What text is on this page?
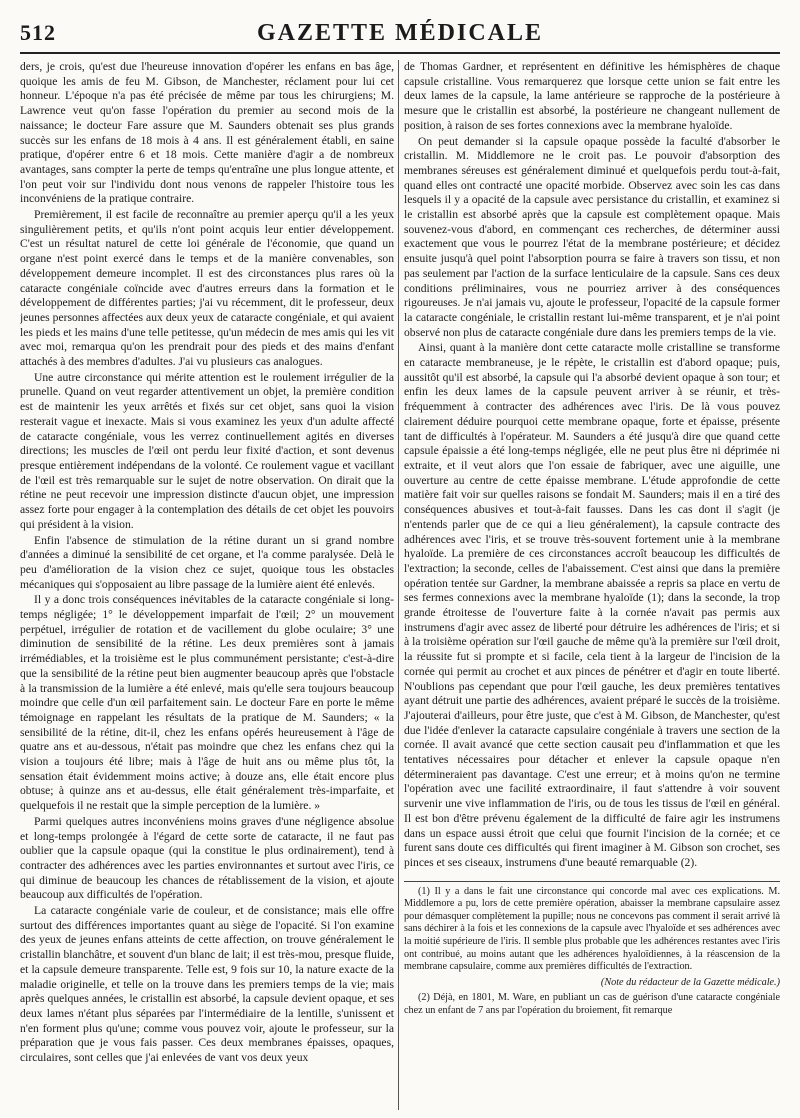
512	GAZETTE MÉDICALE

ders, je crois, qu'est due l'heureuse innovation d'opérer les enfans en bas âge, quoique les amis de feu M. Gibson, de Manchester, réclament pour lui cet honneur. L'époque n'a pas été précisée de même par tous les chirurgiens; M. Lawrence veut qu'on fasse l'opération du premier au second mois de la naissance; le docteur Fare assure que M. Saunders obtenait ses plus grands succès sur les enfans de 18 mois à 4 ans. Il est généralement établi, en saine pratique, d'opérer entre 6 et 18 mois. Cette manière d'agir a de nombreux avantages, sans compter la perte de temps qu'entraîne une plus longue attente, et l'on peut voir sur l'individu dont nous venons de rappeler l'histoire tous les inconvéniens de la pratique contraire.

Premièrement, il est facile de reconnaître au premier aperçu qu'il a les yeux singulièrement petits, et qu'ils n'ont point acquis leur entier développement. C'est un résultat naturel de cette loi générale de l'économie, que quand un organe n'est point exercé dans le temps et de la manière convenables, son développement demeure incomplet. Il est des circonstances plus rares où la cataracte congéniale coïncide avec d'autres erreurs dans la formation et le développement de différentes parties; j'ai vu récemment, dit le professeur, deux jeunes personnes affectées aux deux yeux de cataracte congéniale, et qui avaient les pieds et les mains d'une telle petitesse, qu'un médecin de mes amis qui les vit avec moi, remarqua qu'on les prendrait pour des pieds et des mains d'enfant attachés à des membres d'adultes. J'ai vu plusieurs cas analogues.

Une autre circonstance qui mérite attention est le roulement irrégulier de la prunelle. Quand on veut regarder attentivement un objet, la première condition est de maintenir les yeux arrêtés et fixés sur cet objet, sans quoi la vision resterait vague et inexacte. Mais si vous examinez les yeux d'un adulte affecté de cataracte congéniale, vous les verrez continuellement agités en diverses directions; les muscles de l'œil ont perdu leur fixité d'action, et sont devenus presque entièrement indépendans de la volonté. Ce roulement vague et vacillant de l'œil est très remarquable sur le sujet de notre observation. On dirait que la rétine ne peut recevoir une impression distincte d'aucun objet, une impression assez forte pour engager à la contemplation des détails de cet objet les pouvoirs qui président à la vision.

Enfin l'absence de stimulation de la rétine durant un si grand nombre d'années a diminué la sensibilité de cet organe, et l'a comme paralysée. Delà le peu d'amélioration de la vision chez ce sujet, quoique tous les obstacles mécaniques qui s'opposaient au libre passage de la lumière aient été enlevés.

Il y a donc trois conséquences inévitables de la cataracte congéniale si long-temps négligée; 1° le développement imparfait de l'œil; 2° un mouvement perpétuel, irrégulier de rotation et de vacillement du globe oculaire; 3° une diminution de sensibilité de la rétine. Les deux premières sont à jamais irrémédiables, et la troisième est le plus communément persistante; c'est-à-dire que la sensibilité de la rétine peut bien augmenter beaucoup après que l'obstacle à la transmission de la lumière a été enlevé, mais qu'elle sera toujours beaucoup moindre que celle d'un œil parfaitement sain. Le docteur Fare en porte le même témoignage en rappelant les résultats de la pratique de M. Saunders; « la sensibilité de la rétine, dit-il, chez les enfans opérés heureusement à l'âge de quatre ans et au-dessous, n'était pas moindre que chez les enfans chez qui la vision a toujours été libre; mais à l'âge de huit ans ou même plus tôt, la sensation était évidemment moins active; à douze ans, elle était encore plus obtuse; à quinze ans et au-dessus, elle était généralement très-imparfaite, et quelquefois il ne restait que la simple perception de la lumière. »

Parmi quelques autres inconvéniens moins graves d'une négligence absolue et long-temps prolongée à l'égard de cette sorte de cataracte, il ne faut pas oublier que la capsule opaque (qui la constitue le plus ordinairement), tend à contracter des adhérences avec les parties environnantes et surtout avec l'iris, ce qui diminue de beaucoup les chances de rétablissement de la vision, et ajoute beaucoup aux difficultés de l'opération.

La cataracte congéniale varie de couleur, et de consistance; mais elle offre surtout des différences importantes quant au siège de l'opacité. Si l'on examine des yeux de jeunes enfans atteints de cette affection, on trouve généralement le cristallin blanchâtre, et souvent d'un blanc de lait; il est très-mou, presque fluide, et la capsule demeure transparente. Telle est, 9 fois sur 10, la nature exacte de la maladie originelle, et telle on la trouve dans les premiers temps de la vie; mais après quelques années, le cristallin est absorbé, la capsule devient opaque, et ses deux lames n'étant plus séparées par l'intermédiaire de la lentille, s'unissent et n'en forment plus qu'une; comme vous pouvez voir, ajoute le professeur, sur la préparation que je vous fais passer. Ces deux membranes épaisses, opaques, circulaires, sont celles que j'ai enlevées de vant vos deux yeux

de Thomas Gardner, et représentent en définitive les hémisphères de chaque capsule cristalline. Vous remarquerez que lorsque cette union se fait entre les deux lames de la capsule, la lame antérieure se rapproche de la postérieure à mesure que le cristallin est absorbé, la postérieure ne changeant nullement de position, à raison de ses fortes connexions avec la membrane hyaloïde.

On peut demander si la capsule opaque possède la faculté d'absorber le cristallin. M. Middlemore ne le croit pas. Le pouvoir d'absorption des membranes séreuses est généralement diminué et quelquefois perdu tout-à-fait, quand elles ont contracté une opacité morbide. Observez avec soin les cas dans lesquels il y a opacité de la capsule avec persistance du cristallin, et examinez si le cristallin est absorbé après que la capsule est complètement opaque. Mais souvenez-vous d'abord, en commençant ces recherches, de déterminer aussi exactement que vous le pourrez l'état de la membrane postérieure; et décidez ensuite jusqu'à quel point l'absorption pourra se faire à travers son tissu, et non pas seulement par l'action de la surface lenticulaire de la capsule. Sans ces deux conditions préliminaires, vous ne pourriez arriver à des conséquences rigoureuses. Je n'ai jamais vu, ajoute le professeur, l'opacité de la capsule former la cataracte congéniale, le cristallin restant lui-même transparent, et je n'ai point observé non plus de cataracte congéniale dure dans les premiers temps de la vie.

Ainsi, quant à la manière dont cette cataracte molle cristalline se transforme en cataracte membraneuse, je le répète, le cristallin est d'abord opaque; puis, aussitôt qu'il est absorbé, la capsule qui l'a absorbé devient opaque à son tour; et enfin les deux lames de la capsule peuvent arriver à se réunir, et très-fréquemment à contracter des adhérences avec l'iris. De là vous pouvez clairement déduire pourquoi cette membrane opaque, forte et épaisse, présente tant de difficultés à l'opérateur. M. Saunders a été jusqu'à dire que quand cette capsule épaissie a été long-temps négligée, elle ne peut plus être ni déprimée ni extraite, et il veut alors que l'on essaie de fabriquer, avec une aiguille, une ouverture au centre de cette épaisse membrane. L'étude approfondie de cette matière fait voir sur quelles raisons se fondait M. Saunders; mais il en a tiré des conséquences abusives et tout-à-fait fausses. Dans les cas dont il s'agit (je n'entends parler que de ce qui a lieu généralement), la capsule contracte des adhérences avec l'iris, et se trouve très-souvent fortement unie à la membrane hyaloïde. La première de ces circonstances accroît beaucoup les difficultés de l'extraction; la seconde, celles de l'abaissement. C'est ainsi que dans la première opération tentée sur Gardner, la membrane abaissée a repris sa place en vertu de ses fermes connexions avec la membrane hyaloïde (1); dans la seconde, la trop grande étroitesse de l'ouverture faite à la cornée n'avait pas permis aux instrumens d'agir avec assez de liberté pour détruire les adhérences de l'iris; et si à la troisième opération sur l'œil gauche de même qu'à la première sur l'œil droit, la réussite fut si prompte et si facile, cela tient à la largeur de l'incision de la cornée qui permit au crochet et aux pinces de pénétrer et d'agir en toute liberté. N'oublions pas cependant que pour l'œil gauche, les deux premières tentatives ayant détruit une partie des adhérences, avaient préparé le succès de la troisième. J'ajouterai d'ailleurs, pour être juste, que c'est à M. Gibson, de Manchester, qu'est due l'idée d'enlever la cataracte capsulaire congéniale à travers une section de la cornée. Il avait avancé que cette section causait peu d'inflammation et que les tentatives nécessaires pour détacher et enlever la capsule opaque n'en détermineraient pas davantage. C'est une erreur; et à moins qu'on ne termine l'opération avec une facilité extraordinaire, il faut s'attendre à voir souvent survenir une vive inflammation de l'iris, ou de tous les tissus de l'œil en général. Il est bon d'être prévenu également de la difficulté de faire agir les instrumens dans un espace aussi étroit que celui que fournit l'incision de la cornée; et ce furent sans doute ces difficultés qui firent imaginer à M. Gibson son crochet, ses pinces et ses ciseaux, instrumens d'une beauté remarquable (2).

(1) Il y a dans le fait une circonstance qui concorde mal avec ces explications. M. Middlemore a pu, lors de cette première opération, abaisser la membrane capsulaire assez pour démasquer complètement la pupille; nous ne concevons pas comment il serait arrivé là sans déchirer à la fois et les connexions de la capsule avec l'hyaloïde et ses adhérences avec la moitié supérieure de l'iris. Il semble plus probable que les adhérences restantes avec l'iris ont contribué, au moins autant que les adhérences hyaloïdiennes, à la réascension de la membrane capsulaire, comme aux premières difficultés de l'extraction.

(Note du rédacteur de la Gazette médicale.)

(2) Déjà, en 1801, M. Ware, en publiant un cas de guérison d'une cataracte congéniale chez un enfant de 7 ans par l'opération du broiement, fit remarque
